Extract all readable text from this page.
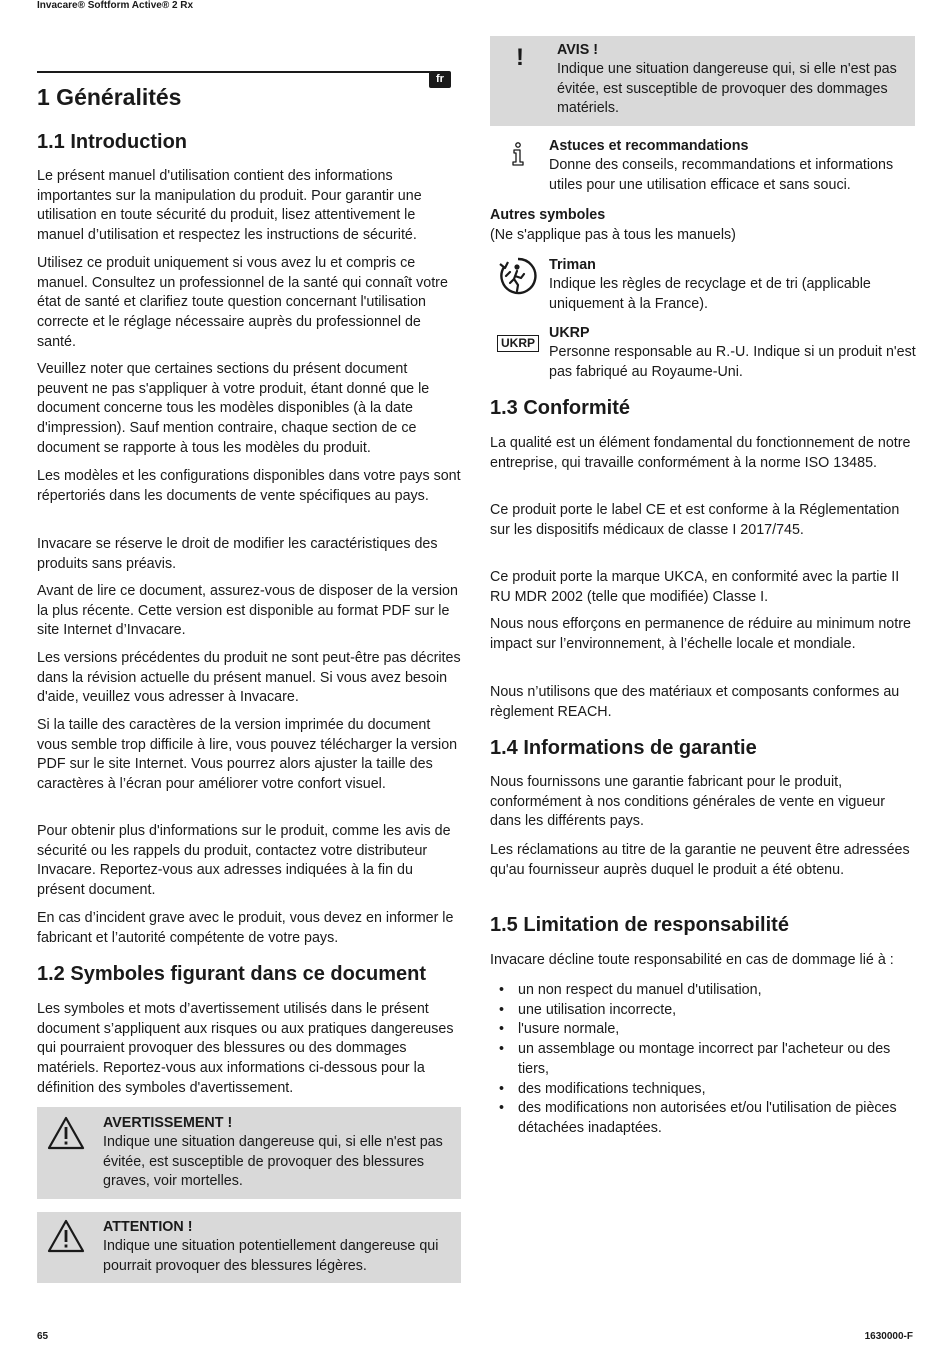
Invacare® Softform Active® 2 Rx
fr
1 Généralités
1.1 Introduction

Le présent manuel d'utilisation contient des informations importantes sur la manipulation du produit. Pour garantir une utilisation en toute sécurité du produit, lisez attentivement le manuel d’utilisation et respectez les instructions de sécurité.

Utilisez ce produit uniquement si vous avez lu et compris ce manuel. Consultez un professionnel de la santé qui connaît votre état de santé et clarifiez toute question concernant l'utilisation correcte et le réglage nécessaire auprès du professionnel de santé.

Veuillez noter que certaines sections du présent document peuvent ne pas s'appliquer à votre produit, étant donné que le document concerne tous les modèles disponibles (à la date d'impression). Sauf mention contraire, chaque section de ce document se rapporte à tous les modèles du produit.

Les modèles et les configurations disponibles dans votre pays sont répertoriés dans les documents de vente spécifiques au pays.

Invacare se réserve le droit de modifier les caractéristiques des produits sans préavis.

Avant de lire ce document, assurez-vous de disposer de la version la plus récente. Cette version est disponible au format PDF sur le site Internet d’Invacare.

Les versions précédentes du produit ne sont peut-être pas décrites dans la révision actuelle du présent manuel. Si vous avez besoin d'aide, veuillez vous adresser à Invacare.

Si la taille des caractères de la version imprimée du document vous semble trop difficile à lire, vous pouvez télécharger la version PDF sur le site Internet. Vous pourrez alors ajuster la taille des caractères à l’écran pour améliorer votre confort visuel.

Pour obtenir plus d'informations sur le produit, comme les avis de sécurité ou les rappels du produit, contactez votre distributeur Invacare. Reportez-vous aux adresses indiquées à la fin du présent document.

En cas d’incident grave avec le produit, vous devez en informer le fabricant et l’autorité compétente de votre pays.

1.2 Symboles figurant dans ce document

Les symboles et mots d’avertissement utilisés dans le présent document s’appliquent aux risques ou aux pratiques dangereuses qui pourraient provoquer des blessures ou des dommages matériels. Reportez-vous aux informations ci-dessous pour la définition des symboles d'avertissement.

AVERTISSEMENT !
Indique une situation dangereuse qui, si elle n'est pas évitée, est susceptible de provoquer des blessures graves, voir mortelles.
ATTENTION !
Indique une situation potentiellement dangereuse qui pourrait provoquer des blessures légères.
! AVIS !
Indique une situation dangereuse qui, si elle n'est pas évitée, est susceptible de provoquer des dommages matériels.
Astuces et recommandations
Donne des conseils, recommandations et informations utiles pour une utilisation efficace et sans souci.
Autres symboles
(Ne s'applique pas à tous les manuels)
Triman
Indique les règles de recyclage et de tri (applicable uniquement à la France).
UKRP
UKRP
Personne responsable au R.-U. Indique si un produit n'est pas fabriqué au Royaume-Uni.
1.3 Conformité

La qualité est un élément fondamental du fonctionnement de notre entreprise, qui travaille conformément à la norme ISO 13485.

Ce produit porte le label CE et est conforme à la Réglementation sur les dispositifs médicaux de classe I 2017/745.

Ce produit porte la marque UKCA, en conformité avec la partie II RU MDR 2002 (telle que modifiée) Classe I.

Nous nous efforçons en permanence de réduire au minimum notre impact sur l’environnement, à l’échelle locale et mondiale.

Nous n’utilisons que des matériaux et composants conformes au règlement REACH.

1.4 Informations de garantie

Nous fournissons une garantie fabricant pour le produit, conformément à nos conditions générales de vente en vigueur dans les différents pays.

Les réclamations au titre de la garantie ne peuvent être adressées qu'au fournisseur auprès duquel le produit a été obtenu.

1.5 Limitation de responsabilité

Invacare décline toute responsabilité en cas de dommage lié à :

• un non respect du manuel d'utilisation,
• une utilisation incorrecte,
• l'usure normale,
• un assemblage ou montage incorrect par l'acheteur ou des tiers,
• des modifications techniques,
• des modifications non autorisées et/ou l'utilisation de pièces détachées inadaptées.
65	1630000-F
